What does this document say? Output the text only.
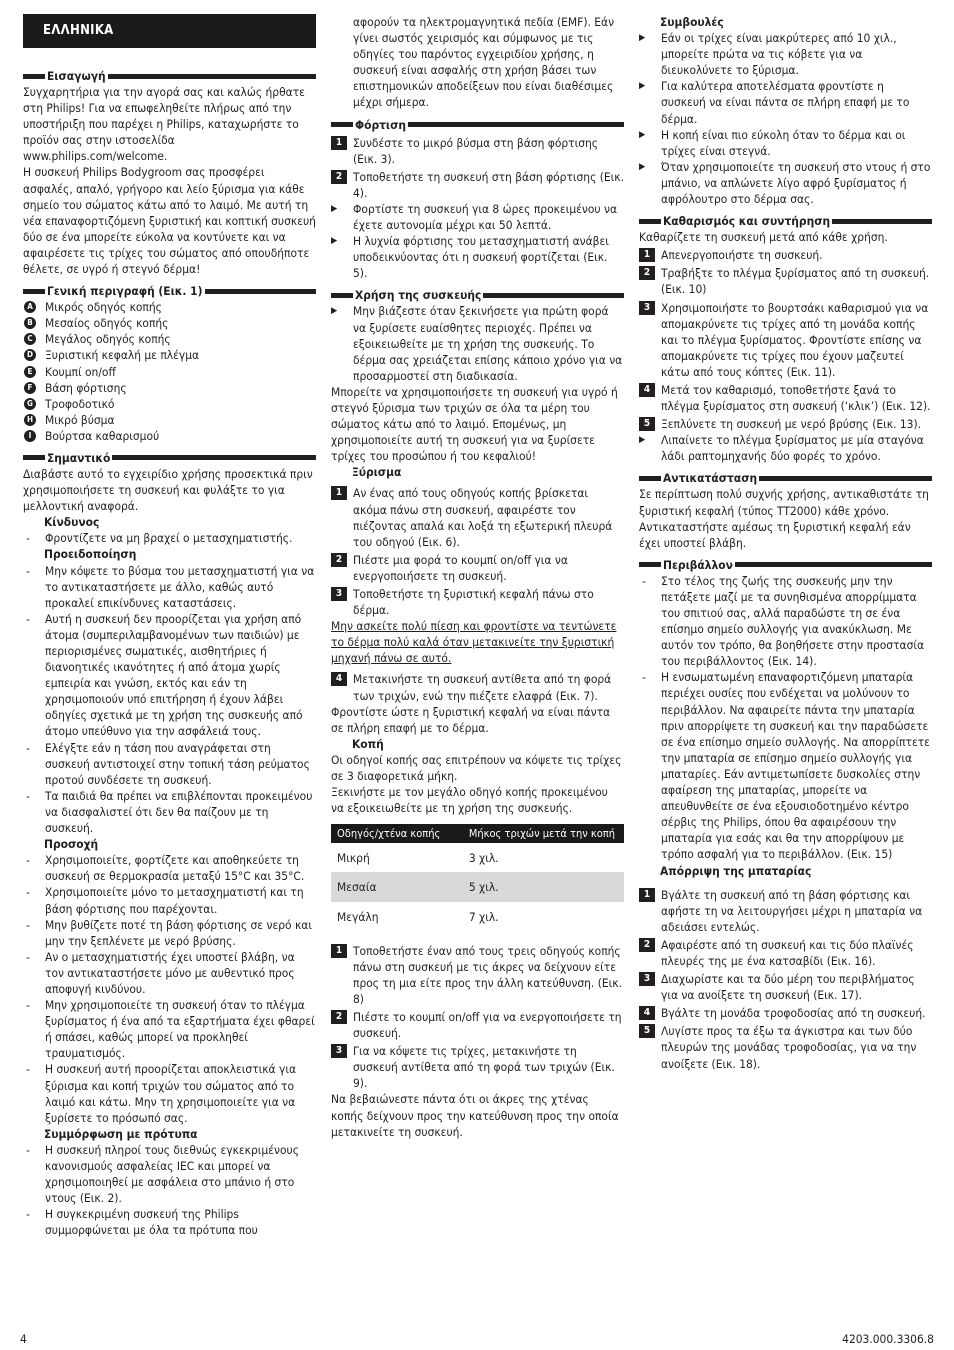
ΕΛΛΗΝΙΚΑ
Εισαγωγή
Συγχαρητήρια για την αγορά σας και καλώς ήρθατε στη Philips! Για να επωφεληθείτε πλήρως από την υποστήριξη που παρέχει η Philips, καταχωρήστε το προϊόν σας στην ιστοσελίδα www.philips.com/welcome.
Η συσκευή Philips Bodygroom σας προσφέρει ασφαλές, απαλό, γρήγορο και λείο ξύρισμα για κάθε σημείο του σώματος κάτω από το λαιμό. Με αυτή τη νέα επαναφορτιζόμενη ξυριστική και κοπτική συσκευή δύο σε ένα μπορείτε εύκολα να κοντύνετε και να αφαιρέσετε τις τρίχες του σώματος από οπουδήποτε θέλετε, σε υγρό ή στεγνό δέρμα!
Γενική περιγραφή (Εικ. 1)
A Μικρός οδηγός κοπής
B Μεσαίος οδηγός κοπής
C Μεγάλος οδηγός κοπής
D Ξυριστική κεφαλή με πλέγμα
E Κουμπί on/off
F Βάση φόρτισης
G Τροφοδοτικό
H Μικρό βύσμα
I	Βούρτσα καθαρισμού
Σημαντικό
Διαβάστε αυτό το εγχειρίδιο χρήσης προσεκτικά πριν χρησιμοποιήσετε τη συσκευή και φυλάξτε το για μελλοντική αναφορά.
Κίνδυνος
- Φροντίζετε να μη βραχεί ο μετασχηματιστής.
Προειδοποίηση
- Μην κόψετε το βύσμα του μετασχηματιστή για να το αντικαταστήσετε με άλλο, καθώς αυτό προκαλεί επικίνδυνες καταστάσεις.
- Αυτή η συσκευή δεν προορίζεται για χρήση από άτομα (συμπεριλαμβανομένων των παιδιών) με περιορισμένες σωματικές, αισθητήριες ή διανοητικές ικανότητες ή από άτομα χωρίς εμπειρία και γνώση, εκτός και εάν τη χρησιμοποιούν υπό επιτήρηση ή έχουν λάβει οδηγίες σχετικά με τη χρήση της συσκευής από άτομο υπεύθυνο για την ασφάλειά τους.
- Ελέγξτε εάν η τάση που αναγράφεται στη συσκευή αντιστοιχεί στην τοπική τάση ρεύματος προτού συνδέσετε τη συσκευή.
- Τα παιδιά θα πρέπει να επιβλέπονται προκειμένου να διασφαλιστεί ότι δεν θα παίζουν με τη συσκευή.
Προσοχή
- Χρησιμοποιείτε, φορτίζετε και αποθηκεύετε τη συσκευή σε θερμοκρασία μεταξύ 15°C και 35°C.
- Χρησιμοποιείτε μόνο το μετασχηματιστή και τη βάση φόρτισης που παρέχονται.
- Μην βυθίζετε ποτέ τη βάση φόρτισης σε νερό και μην την ξεπλένετε με νερό βρύσης.
- Αν ο μετασχηματιστής έχει υποστεί βλάβη, να τον αντικαταστήσετε μόνο με αυθεντικό προς αποφυγή κινδύνου.
- Μην χρησιμοποιείτε τη συσκευή όταν το πλέγμα ξυρίσματος ή ένα από τα εξαρτήματα έχει φθαρεί ή σπάσει, καθώς μπορεί να προκληθεί τραυματισμός.
- Η συσκευή αυτή προορίζεται αποκλειστικά για ξύρισμα και κοπή τριχών του σώματος από το λαιμό και κάτω. Μην τη χρησιμοποιείτε για να ξυρίσετε το πρόσωπό σας.
Συμμόρφωση με πρότυπα
- Η συσκευή πληροί τους διεθνώς εγκεκριμένους κανονισμούς ασφαλείας IEC και μπορεί να χρησιμοποιηθεί με ασφάλεια στο μπάνιο ή στο ντους (Εικ. 2).
- Η συγκεκριμένη συσκευή της Philips συμμορφώνεται με όλα τα πρότυπα που
αφορούν τα ηλεκτρομαγνητικά πεδία (EMF). Εάν γίνει σωστός χειρισμός και σύμφωνος με τις οδηγίες του παρόντος εγχειριδίου χρήσης, η συσκευή είναι ασφαλής στη χρήση βάσει των επιστημονικών αποδείξεων που είναι διαθέσιμες μέχρι σήμερα.
Φόρτιση
1 Συνδέστε το μικρό βύσμα στη βάση φόρτισης (Εικ. 3).
2 Τοποθετήστε τη συσκευή στη βάση φόρτισης (Εικ. 4).
▶ Φορτίστε τη συσκευή για 8 ώρες προκειμένου να έχετε αυτονομία μέχρι και 50 λεπτά.
▶ Η λυχνία φόρτισης του μετασχηματιστή ανάβει υποδεικνύοντας ότι η συσκευή φορτίζεται (Εικ. 5).
Χρήση της συσκευής
▶ Μην βιάζεστε όταν ξεκινήσετε για πρώτη φορά να ξυρίσετε ευαίσθητες περιοχές. Πρέπει να εξοικειωθείτε με τη χρήση της συσκευής. Το δέρμα σας χρειάζεται επίσης κάποιο χρόνο για να προσαρμοστεί στη διαδικασία.
Μπορείτε να χρησιμοποιήσετε τη συσκευή για υγρό ή στεγνό ξύρισμα των τριχών σε όλα τα μέρη του σώματος κάτω από το λαιμό. Επομένως, μη χρησιμοποιείτε αυτή τη συσκευή για να ξυρίσετε τρίχες του προσώπου ή του κεφαλιού!
Ξύρισμα
1 Αν ένας από τους οδηγούς κοπής βρίσκεται ακόμα πάνω στη συσκευή, αφαιρέστε τον πιέζοντας απαλά και λοξά τη εξωτερική πλευρά του οδηγού (Εικ. 6).
2 Πιέστε μια φορά το κουμπί on/off για να ενεργοποιήσετε τη συσκευή.
3 Τοποθετήστε τη ξυριστική κεφαλή πάνω στο δέρμα.
Μην ασκείτε πολύ πίεση και φροντίστε να τεντώνετε το δέρμα πολύ καλά όταν μετακινείτε την ξυριστική μηχανή πάνω σε αυτό.
4 Μετακινήστε τη συσκευή αντίθετα από τη φορά των τριχών, ενώ την πιέζετε ελαφρά (Εικ. 7).
Φροντίστε ώστε η ξυριστική κεφαλή να είναι πάντα σε πλήρη επαφή με το δέρμα.
Κοπή
Οι οδηγοί κοπής σας επιτρέπουν να κόψετε τις τρίχες σε 3 διαφορετικά μήκη.
Ξεκινήστε με τον μεγάλο οδηγό κοπής προκειμένου να εξοικειωθείτε με τη χρήση της συσκευής.
Οδηγός/χτένα κοπής	Μήκος τριχών μετά την κοπή
Μικρή	3 χιλ.
Μεσαία	5 χιλ.
Μεγάλη	7 χιλ.
1 Τοποθετήστε έναν από τους τρεις οδηγούς κοπής πάνω στη συσκευή με τις άκρες να δείχνουν είτε προς τη μια είτε προς την άλλη κατεύθυνση. (Εικ. 8)
2 Πιέστε το κουμπί on/off για να ενεργοποιήσετε τη συσκευή.
3 Για να κόψετε τις τρίχες, μετακινήστε τη συσκευή αντίθετα από τη φορά των τριχών (Εικ. 9).
Να βεβαιώνεστε πάντα ότι οι άκρες της χτένας κοπής δείχνουν προς την κατεύθυνση προς την οποία μετακινείτε τη συσκευή.
Συμβουλές
▶ Εάν οι τρίχες είναι μακρύτερες από 10 χιλ., μπορείτε πρώτα να τις κόβετε για να διευκολύνετε το ξύρισμα.
▶ Για καλύτερα αποτελέσματα φροντίστε η συσκευή να είναι πάντα σε πλήρη επαφή με το δέρμα.
▶ Η κοπή είναι πιο εύκολη όταν το δέρμα και οι τρίχες είναι στεγνά.
▶ Όταν χρησιμοποιείτε τη συσκευή στο ντους ή στο μπάνιο, να απλώνετε λίγο αφρό ξυρίσματος ή αφρόλουτρο στο δέρμα σας.
Καθαρισμός και συντήρηση
Καθαρίζετε τη συσκευή μετά από κάθε χρήση.
1 Απενεργοποιήστε τη συσκευή.
2 Τραβήξτε το πλέγμα ξυρίσματος από τη συσκευή. (Εικ. 10)
3 Χρησιμοποιήστε το βουρτσάκι καθαρισμού για να απομακρύνετε τις τρίχες από τη μονάδα κοπής και το πλέγμα ξυρίσματος. Φροντίστε επίσης να απομακρύνετε τις τρίχες που έχουν μαζευτεί κάτω από τους κόπτες (Εικ. 11).
4 Μετά τον καθαρισμό, τοποθετήστε ξανά το πλέγμα ξυρίσματος στη συσκευή (‘κλικ’) (Εικ. 12).
5 Ξεπλύνετε τη συσκευή με νερό βρύσης (Εικ. 13).
▶ Λιπαίνετε το πλέγμα ξυρίσματος με μία σταγόνα λάδι ραπτομηχανής δύο φορές το χρόνο.
Αντικατάσταση
Σε περίπτωση πολύ συχνής χρήσης, αντικαθιστάτε τη ξυριστική κεφαλή (τύπος TT2000) κάθε χρόνο. Αντικαταστήστε αμέσως τη ξυριστική κεφαλή εάν έχει υποστεί βλάβη.
Περιβάλλον
- Στο τέλος της ζωής της συσκευής μην την πετάξετε μαζί με τα συνηθισμένα απορρίμματα του σπιτιού σας, αλλά παραδώστε τη σε ένα επίσημο σημείο συλλογής για ανακύκλωση. Με αυτόν τον τρόπο, θα βοηθήσετε στην προστασία του περιβάλλοντος (Εικ. 14).
- Η ενσωματωμένη επαναφορτιζόμενη μπαταρία περιέχει ουσίες που ενδέχεται να μολύνουν το περιβάλλον. Να αφαιρείτε πάντα την μπαταρία πριν απορρίψετε τη συσκευή και την παραδώσετε σε ένα επίσημο σημείο συλλογής. Να απορρίπτετε την μπαταρία σε επίσημο σημείο συλλογής για μπαταρίες. Εάν αντιμετωπίσετε δυσκολίες στην αφαίρεση της μπαταρίας, μπορείτε να απευθυνθείτε σε ένα εξουσιοδοτημένο κέντρο σέρβις της Philips, όπου θα αφαιρέσουν την μπαταρία για εσάς και θα την απορρίψουν με τρόπο ασφαλή για το περιβάλλον. (Εικ. 15)
Απόρριψη της μπαταρίας
1 Βγάλτε τη συσκευή από τη βάση φόρτισης και αφήστε τη να λειτουργήσει μέχρι η μπαταρία να αδειάσει εντελώς.
2 Αφαιρέστε από τη συσκευή και τις δύο πλαϊνές πλευρές της με ένα κατσαβίδι (Εικ. 16).
3 Διαχωρίστε και τα δύο μέρη του περιβλήματος για να ανοίξετε τη συσκευή (Εικ. 17).
4 Βγάλτε τη μονάδα τροφοδοσίας από τη συσκευή.
5 Λυγίστε προς τα έξω τα άγκιστρα και των δύο πλευρών της μονάδας τροφοδοσίας, για να την ανοίξετε (Εικ. 18).
4	4203.000.3306.8
